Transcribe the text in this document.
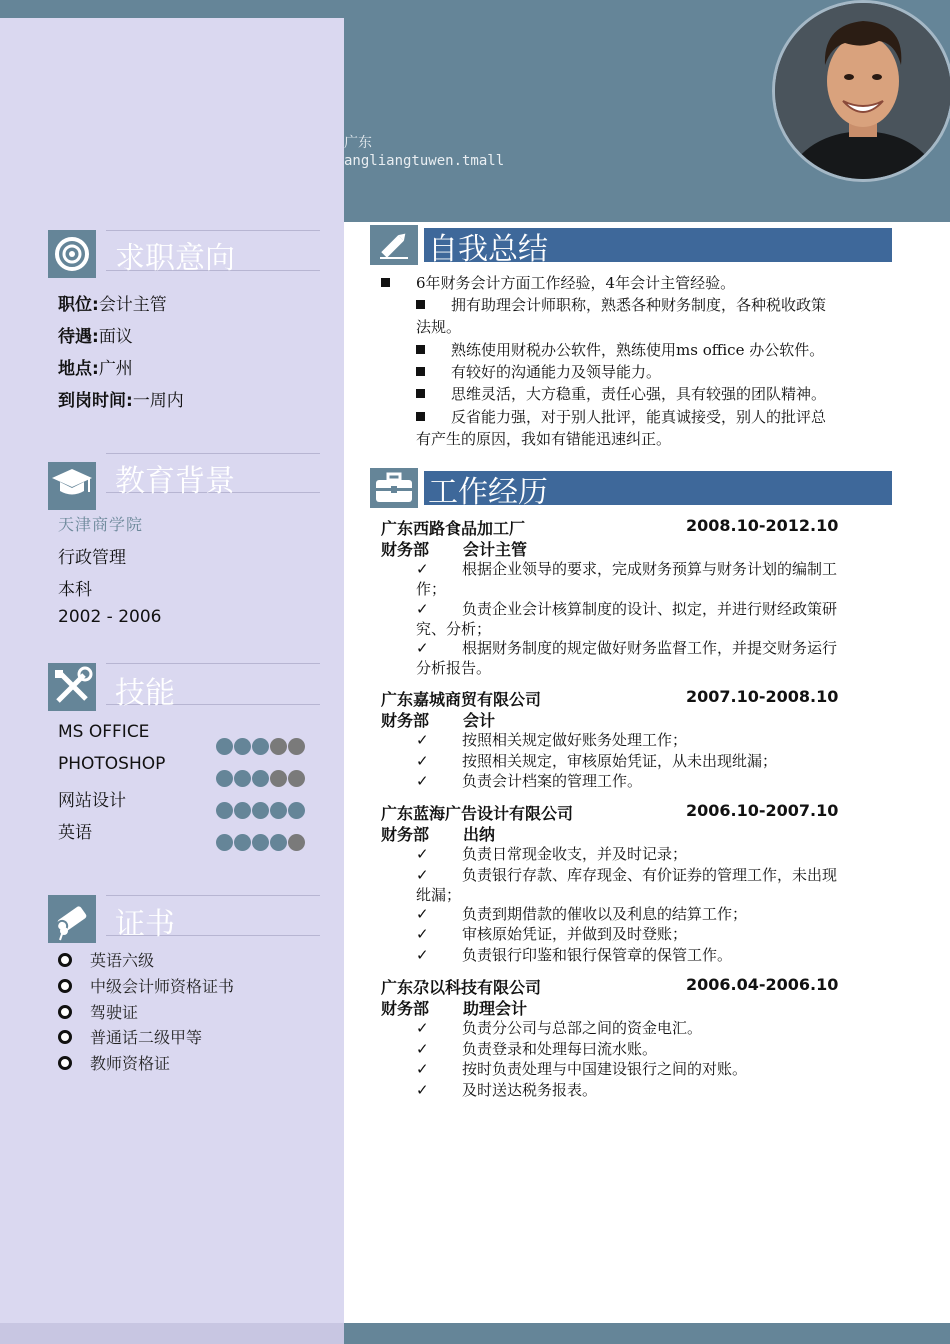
广东
angliangtuwen.tmall
求职意向
职位:会计主管
待遇:面议
地点:广州
到岗时间:一周内
教育背景
天津商学院
行政管理
本科
2002 - 2006
技能
MS OFFICE
PHOTOSHOP
网站设计
英语
证书
英语六级
中级会计师资格证书
驾驶证
普通话二级甲等
教师资格证
自我总结
6年财务会计方面工作经验，4年会计主管经验。
拥有助理会计师职称，熟悉各种财务制度，各种税收政策
法规。
熟练使用财税办公软件，熟练使用ms office 办公软件。
有较好的沟通能力及领导能力。
思维灵活，大方稳重，责任心强，具有较强的团队精神。
反省能力强，对于别人批评，能真诚接受，别人的批评总
有产生的原因，我如有错能迅速纠正。
工作经历
广东西路食品加工厂	2008.10-2012.10
财务部 会计主管
✓ 根据企业领导的要求，完成财务预算与财务计划的编制工
作；
✓ 负责企业会计核算制度的设计、拟定，并进行财经政策研
究、分析；
✓ 根据财务制度的规定做好财务监督工作，并提交财务运行
分析报告。
广东嘉城商贸有限公司	2007.10-2008.10
财务部 会计
✓ 按照相关规定做好账务处理工作；
✓ 按照相关规定，审核原始凭证，从未出现纰漏；
✓ 负责会计档案的管理工作。
广东蓝海广告设计有限公司	2006.10-2007.10
财务部 出纳
✓ 负责日常现金收支，并及时记录；
✓ 负责银行存款、库存现金、有价证券的管理工作，未出现
纰漏；
✓ 负责到期借款的催收以及利息的结算工作；
✓ 审核原始凭证，并做到及时登账；
✓ 负责银行印鉴和银行保管章的保管工作。
广东尕以科技有限公司	2006.04-2006.10
财务部 助理会计
✓ 负责分公司与总部之间的资金电汇。
✓ 负责登录和处理每曰流水账。
✓ 按时负责处理与中国建设银行之间的对账。
✓ 及时送达税务报表。
